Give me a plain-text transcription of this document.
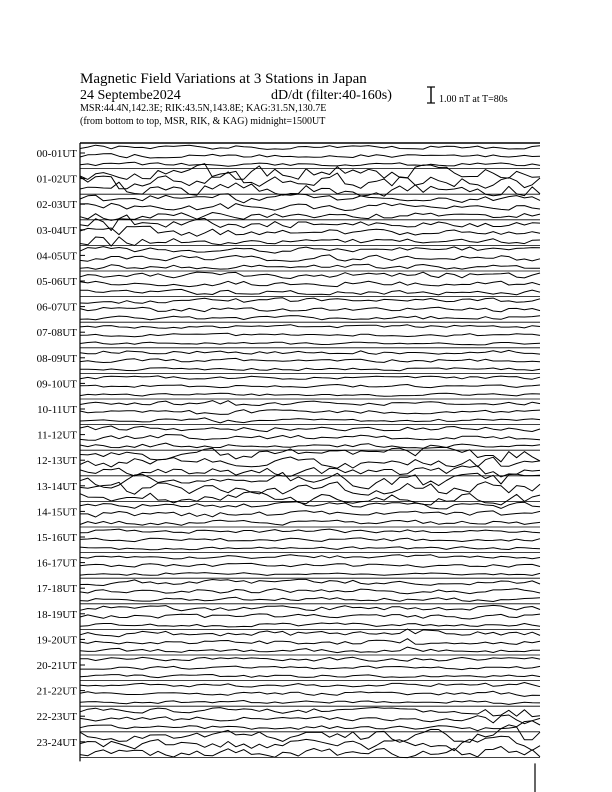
Magnetic Field Variations at 3 Stations in Japan
24 Septembe2024	dD/dt (filter:40-160s)
MSR:44.4N,142.3E; RIK:43.5N,143.8E; KAG:31.5N,130.7E
(from bottom to top, MSR, RIK, & KAG) midnight=1500UT
1.00 nT at T=80s
00-01UT
01-02UT
02-03UT
03-04UT
04-05UT
05-06UT
06-07UT
07-08UT
08-09UT
09-10UT
10-11UT
11-12UT
12-13UT
13-14UT
14-15UT
15-16UT
16-17UT
17-18UT
18-19UT
19-20UT
20-21UT
21-22UT
22-23UT
23-24UT
